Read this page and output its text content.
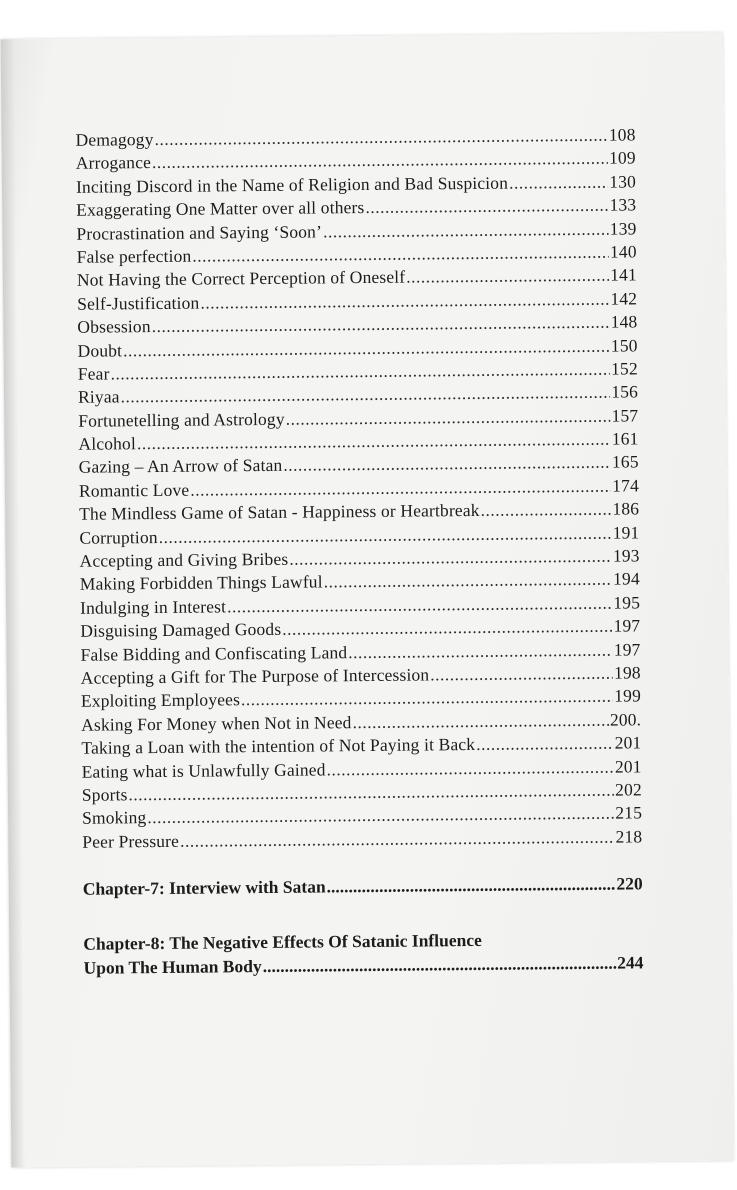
Demagogy .....	108
Arrogance .....	109
Inciting Discord in the Name of Religion and Bad Suspicion .....	130
Exaggerating One Matter over all others .....	133
Procrastination and Saying ‘Soon’ .....	139
False perfection .....	140
Not Having the Correct Perception of Oneself .....	141
Self-Justification .....	142
Obsession .....	148
Doubt .....	150
Fear .....	152
Riyaa .....	156
Fortunetelling and Astrology .....	157
Alcohol .....	161
Gazing – An Arrow of Satan .....	165
Romantic Love .....	174
The Mindless Game of Satan - Happiness or Heartbreak .....	186
Corruption .....	191
Accepting and Giving Bribes .....	193
Making Forbidden Things Lawful .....	194
Indulging in Interest .....	195
Disguising Damaged Goods .....	197
False Bidding and Confiscating Land .....	197
Accepting a Gift for The Purpose of Intercession .....	198
Exploiting Employees .....	199
Asking For Money when Not in Need .....	200.
Taking a Loan with the intention of Not Paying it Back .....	201
Eating what is Unlawfully Gained .....	201
Sports .....	202
Smoking .....	215
Peer Pressure .....	218
Chapter-7: Interview with Satan .....	220
Chapter-8: The Negative Effects Of Satanic Influence
Upon The Human Body .....	244
